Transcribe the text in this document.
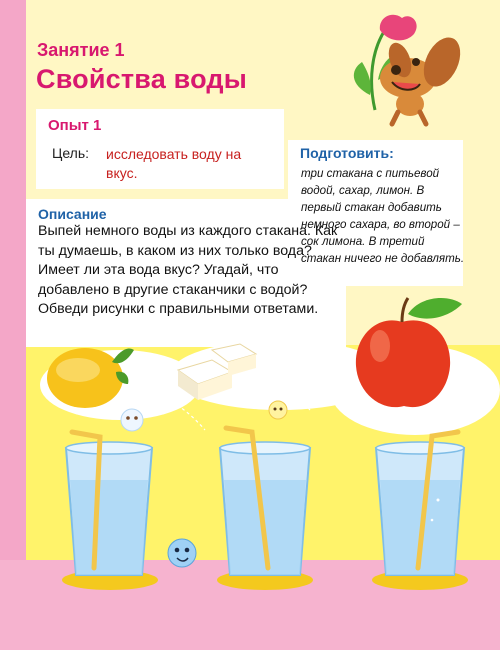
Занятие 1
Свойства воды
Опыт 1
Цель: исследовать воду на вкус.
Подготовить:
три стакана с питьевой водой, сахар, лимон. В первый стакан добавить немного сахара, во второй – сок лимона. В третий стакан ничего не добавлять.
Описание
Выпей немного воды из каждого стакана. Как ты думаешь, в каком из них только вода? Имеет ли эта вода вкус? Угадай, что добавлено в другие стаканчики с водой? Обведи рисунки с правильными ответами.
